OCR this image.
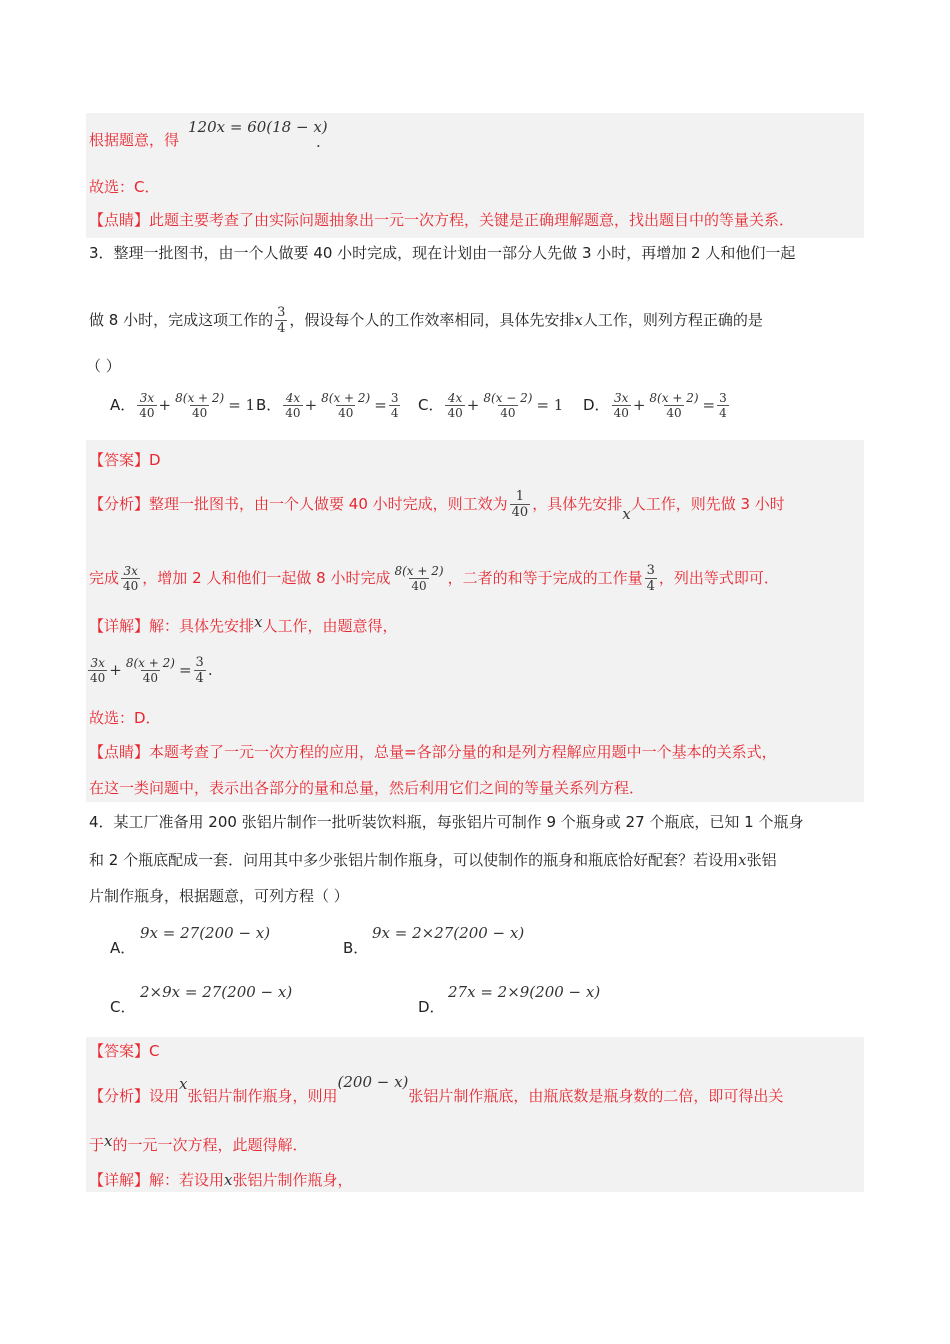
根据题意，得
120x = 60(18 − x)
.
故选：C．
【点睛】此题主要考查了由实际问题抽象出一元一次方程，关键是正确理解题意，找出题目中的等量关系．
3．整理一批图书，由一个人做要 40 小时完成，现在计划由一部分人先做 3 小时，再增加 2 人和他们一起
做 8 小时，完成这项工作的 $\frac{3}{4}$ ，假设每个人的工作效率相同，具体先安排x人工作，则列方程正确的是
（ ）
A． $\frac{3x}{40} + \frac{8(x + 2)}{40} = 1$ B． $\frac{4x}{40} + \frac{8(x + 2)}{40} = \frac{3}{4}$ C． $\frac{4x}{40} + \frac{8(x - 2)}{40} = 1$ D． $\frac{3x}{40} + \frac{8(x + 2)}{40} = \frac{3}{4}$
【答案】D
【分析】整理一批图书，由一个人做要 40 小时完成，则工效为 $\frac{1}{40}$ ，具体先安排x人工作，则先做 3 小时
完成 $\frac{3x}{40}$ ，增加 2 人和他们一起做 8 小时完成 $\frac{8(x + 2)}{40}$ ，二者的和等于完成的工作量 $\frac{3}{4}$ ，列出等式即可．
【详解】解：具体先安排x人工作，由题意得，
$\frac{3x}{40} + \frac{8(x + 2)}{40} = \frac{3}{4}$ .
故选：D．
【点睛】本题考查了一元一次方程的应用，总量=各部分量的和是列方程解应用题中一个基本的关系式，
在这一类问题中，表示出各部分的量和总量，然后利用它们之间的等量关系列方程．
4．某工厂准备用 200 张铝片制作一批听装饮料瓶，每张铝片可制作 9 个瓶身或 27 个瓶底，已知 1 个瓶身
和 2 个瓶底配成一套．问用其中多少张铝片制作瓶身，可以使制作的瓶身和瓶底恰好配套？若设用x张铝
片制作瓶身，根据题意，可列方程（ ）
A．
9x = 27(200 − x)
B．
9x = 2×27(200 − x)
C．
2×9x = 27(200 − x)
D．
27x = 2×9(200 − x)
【答案】C
【分析】设用x张铝片制作瓶身，则用(200 − x)张铝片制作瓶底，由瓶底数是瓶身数的二倍，即可得出关
于x的一元一次方程，此题得解．
【详解】解：若设用x张铝片制作瓶身，
